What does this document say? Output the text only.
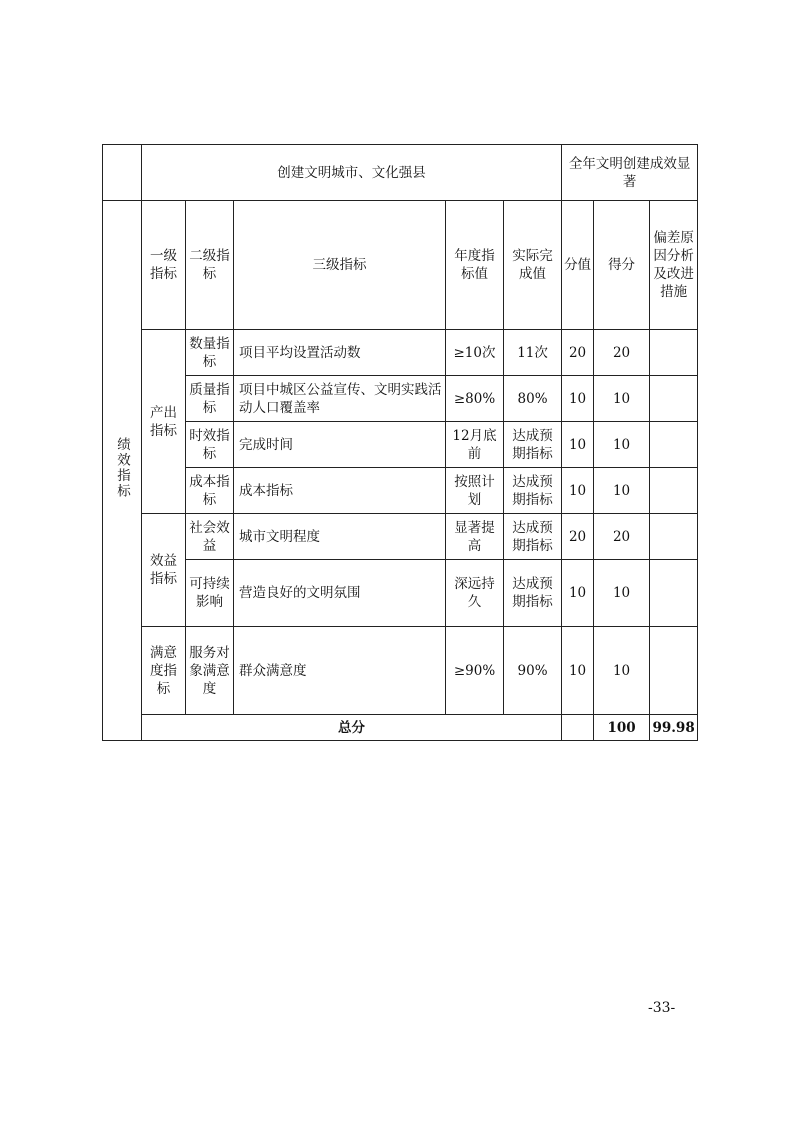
	创建文明城市、文化强县					全年文明创建成效显著			
绩效指标	一级指标	二级指标	三级指标	年度指标值	实际完成值	分值	得分	偏差原因分析及改进措施	
	产出指标	数量指标	项目平均设置活动数	≥10次	11次	20	20		
		质量指标	项目中城区公益宣传、文明实践活动人口覆盖率	≥80%	80%	10	10		
		时效指标	完成时间	12月底前	达成预期指标	10	10		
		成本指标	成本指标	按照计划	达成预期指标	10	10		
	效益指标	社会效益	城市文明程度	显著提高	达成预期指标	20	20		
		可持续影响	营造良好的文明氛围	深远持久	达成预期指标	10	10		
	满意度指标	服务对象满意度	群众满意度	≥90%	90%	10	10		
	总分						100	99.98	
-33-
